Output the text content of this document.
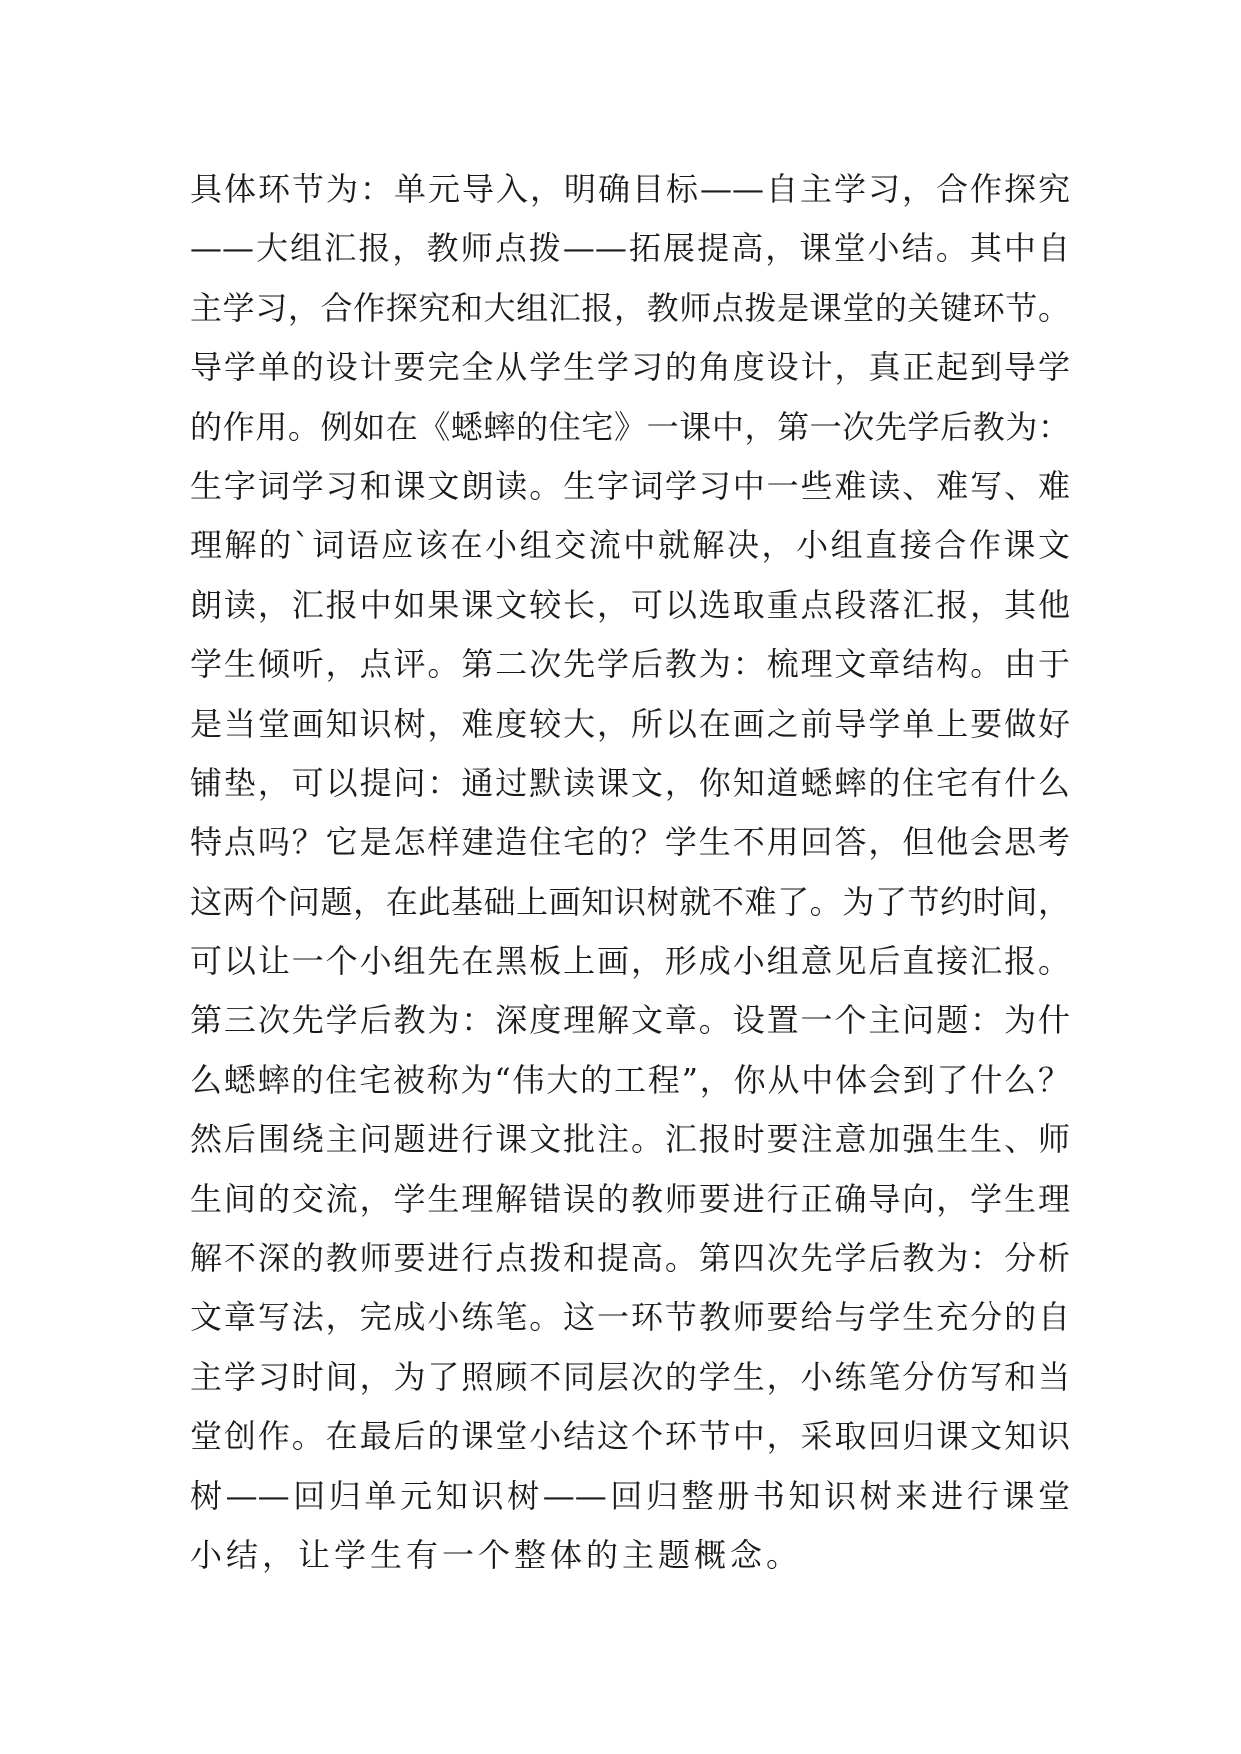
具体环节为：单元导入，明确目标——自主学习，合作探究
——大组汇报，教师点拨——拓展提高，课堂小结。其中自
主学习，合作探究和大组汇报，教师点拨是课堂的关键环节。
导学单的设计要完全从学生学习的角度设计，真正起到导学
的作用。例如在《蟋蟀的住宅》一课中，第一次先学后教为：
生字词学习和课文朗读。生字词学习中一些难读、难写、难
理解的`词语应该在小组交流中就解决，小组直接合作课文
朗读，汇报中如果课文较长，可以选取重点段落汇报，其他
学生倾听，点评。第二次先学后教为：梳理文章结构。由于
是当堂画知识树，难度较大，所以在画之前导学单上要做好
铺垫，可以提问：通过默读课文，你知道蟋蟀的住宅有什么
特点吗？它是怎样建造住宅的？学生不用回答，但他会思考
这两个问题，在此基础上画知识树就不难了。为了节约时间，
可以让一个小组先在黑板上画，形成小组意见后直接汇报。
第三次先学后教为：深度理解文章。设置一个主问题：为什
么蟋蟀的住宅被称为“伟大的工程”，你从中体会到了什么？
然后围绕主问题进行课文批注。汇报时要注意加强生生、师
生间的交流，学生理解错误的教师要进行正确导向，学生理
解不深的教师要进行点拨和提高。第四次先学后教为：分析
文章写法，完成小练笔。这一环节教师要给与学生充分的自
主学习时间，为了照顾不同层次的学生，小练笔分仿写和当
堂创作。在最后的课堂小结这个环节中，采取回归课文知识
树——回归单元知识树——回归整册书知识树来进行课堂
小结，让学生有一个整体的主题概念。
